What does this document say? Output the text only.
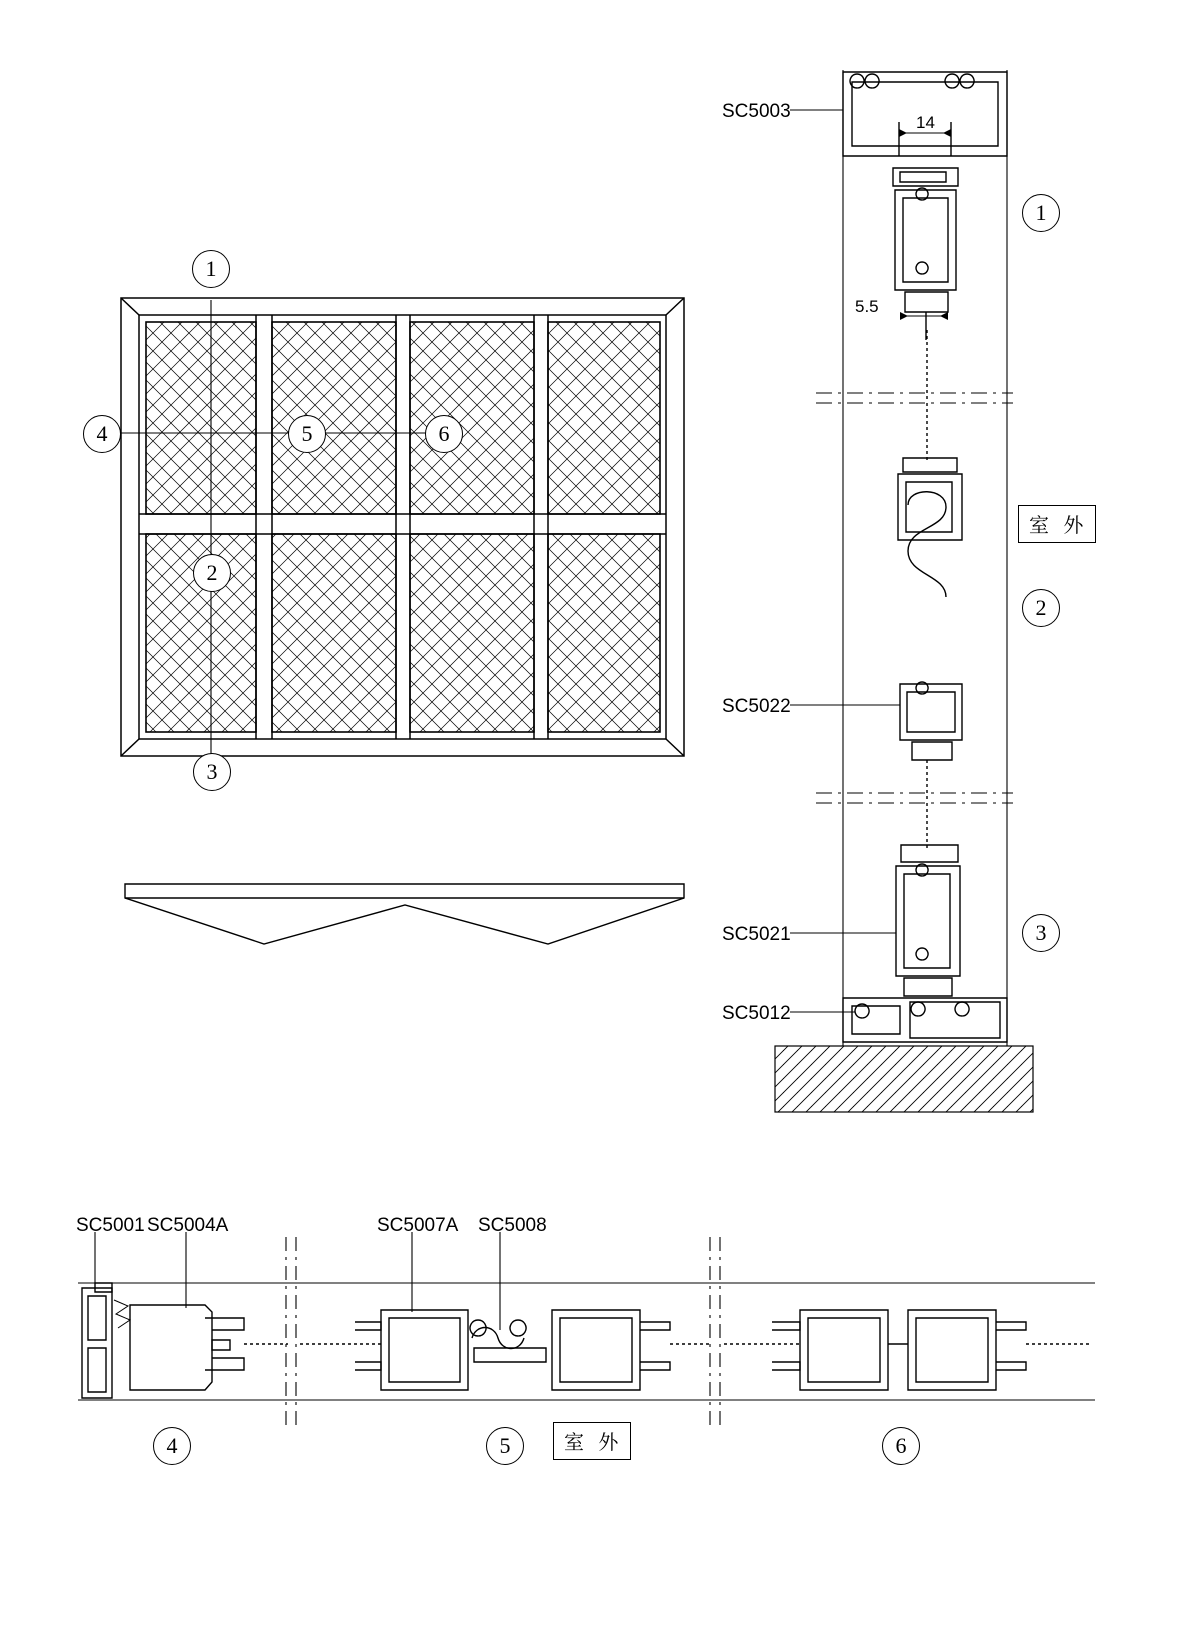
1
4	5	6
2
3
SC5003
SC5022
SC5021
SC5012
14
5.5
1
2
3
室 外
SC5001 SC5004A	SC5007A SC5008
4	5	6
室 外
